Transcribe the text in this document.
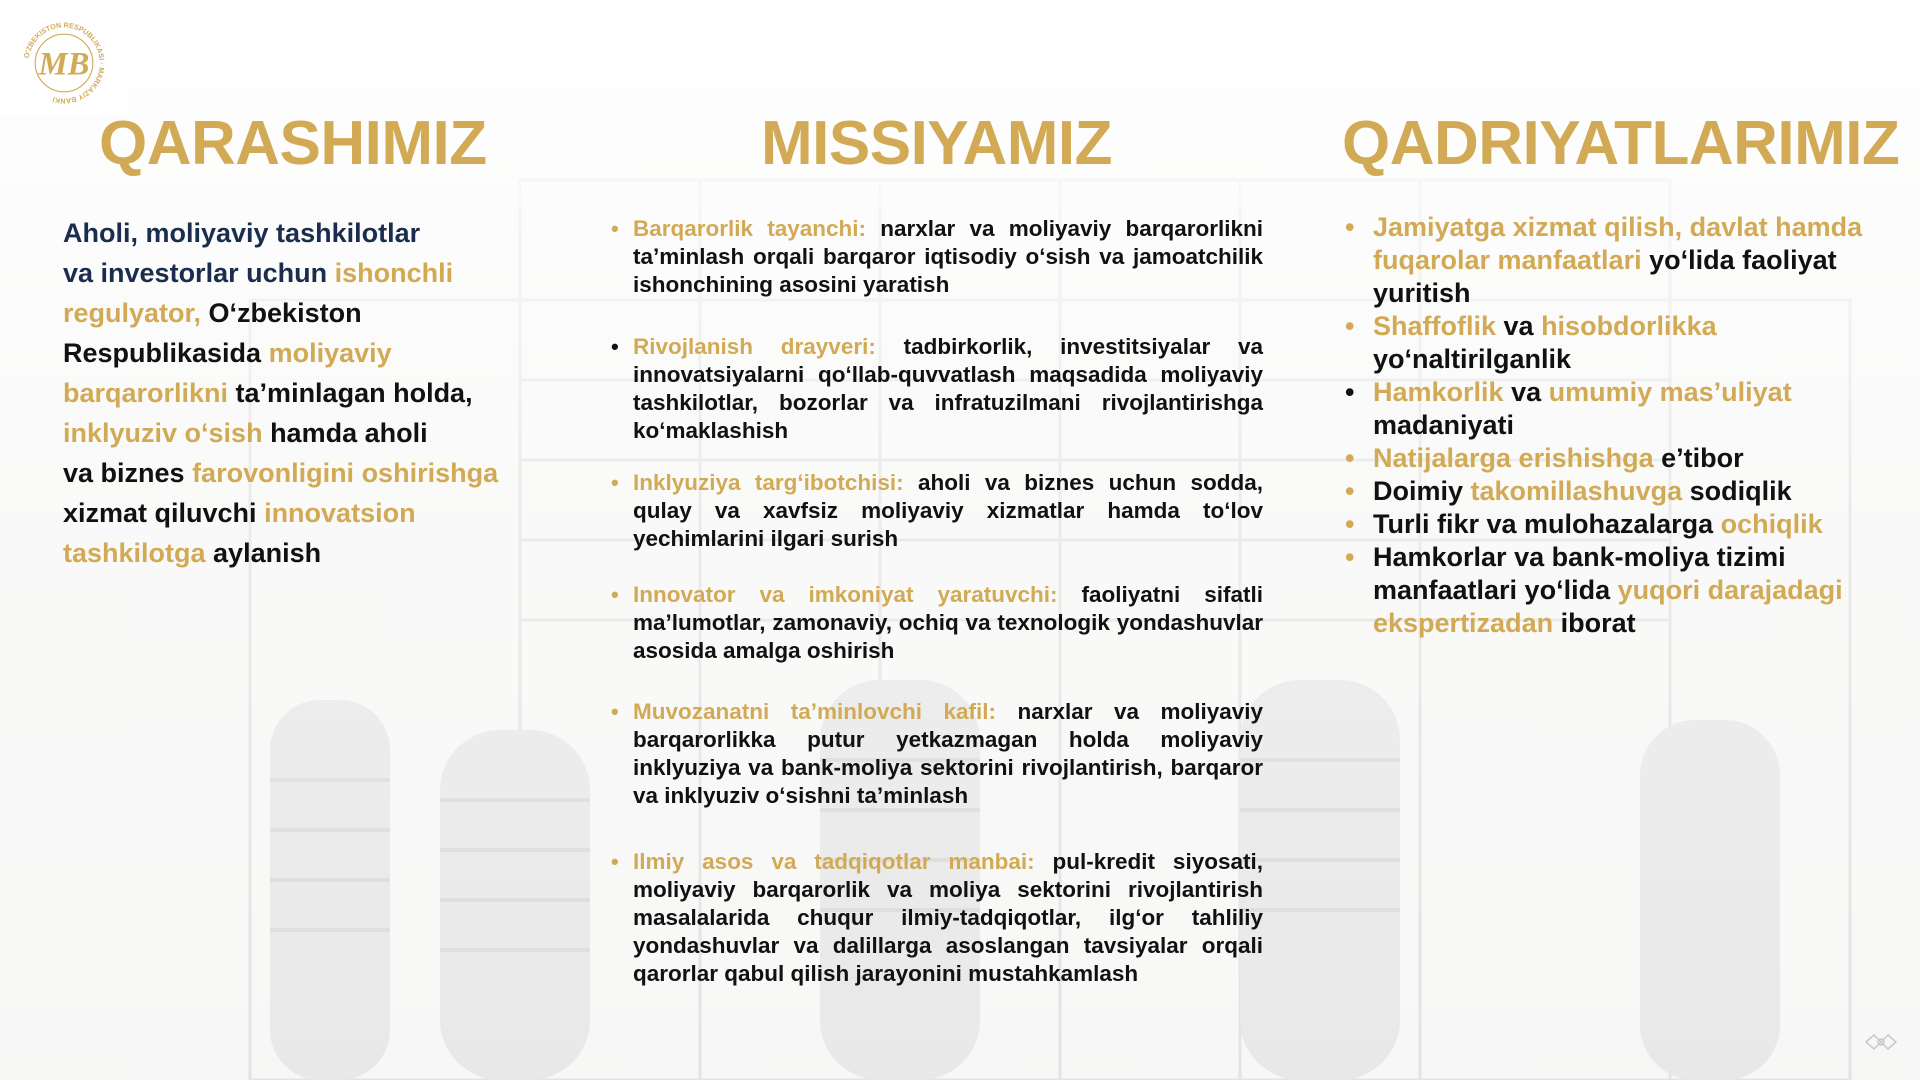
O'ZBEKISTON RESPUBLIKASI · MARKAZIY BANKI
MB
QARASHIMIZ	MISSIYAMIZ	QADRIYATLARIMIZ
Aholi, moliyaviy tashkilotlar
va investorlar uchun ishonchli
regulyator, O‘zbekiston
Respublikasida moliyaviy
barqarorlikni ta’minlagan holda,
inklyuziv o‘sish hamda aholi
va biznes farovonligini oshirishga
xizmat qiluvchi innovatsion
tashkilotga aylanish
• Barqarorlik tayanchi: narxlar va moliyaviy barqarorlikni ta’minlash orqali barqaror iqtisodiy o‘sish va jamoatchilik ishonchining asosini yaratish

• Rivojlanish drayveri: tadbirkorlik, investitsiyalar va innovatsiyalarni qo‘llab-quvvatlash maqsadida moliyaviy tashkilotlar, bozorlar va infratuzilmani rivojlantirishga ko‘maklashish

• Inklyuziya targ‘ibotchisi: aholi va biznes uchun sodda, qulay va xavfsiz moliyaviy xizmatlar hamda to‘lov yechimlarini ilgari surish

• Innovator va imkoniyat yaratuvchi: faoliyatni sifatli ma’lumotlar, zamonaviy, ochiq va texnologik yondashuvlar asosida amalga oshirish

• Muvozanatni ta’minlovchi kafil: narxlar va moliyaviy barqarorlikka putur yetkazmagan holda moliyaviy inklyuziya va bank-moliya sektorini rivojlantirish, barqaror va inklyuziv o‘sishni ta’minlash

• Ilmiy asos va tadqiqotlar manbai: pul-kredit siyosati, moliyaviy barqarorlik va moliya sektorini rivojlantirish masalalarida chuqur ilmiy-tadqiqotlar, ilg‘or tahliliy yondashuvlar va dalillarga asoslangan tavsiyalar orqali qarorlar qabul qilish jarayonini mustahkamlash

• Jamiyatga xizmat qilish, davlat hamda fuqarolar manfaatlari yo‘lida faoliyat yuritish
• Shaffoflik va hisobdorlikka yo‘naltirilganlik
• Hamkorlik va umumiy mas’uliyat madaniyati
• Natijalarga erishishga e’tibor
• Doimiy takomillashuvga sodiqlik
• Turli fikr va mulohazalarga ochiqlik
• Hamkorlar va bank-moliya tizimi manfaatlari yo‘lida yuqori darajadagi ekspertizadan iborat
